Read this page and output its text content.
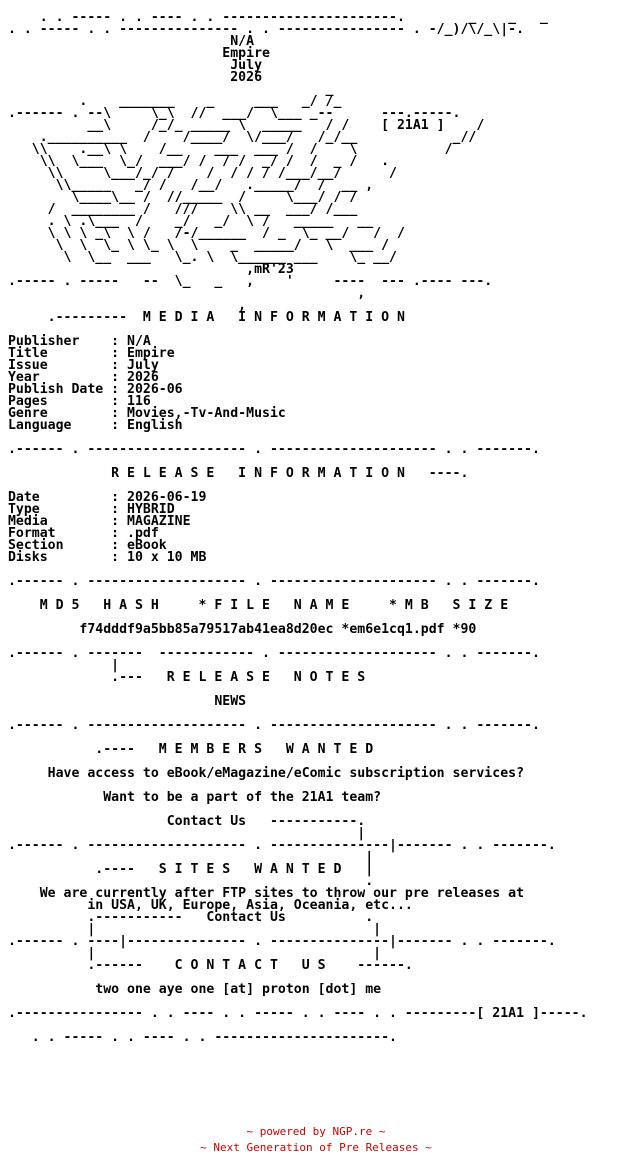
. . ----- . . ---- . . ----------------------.        _    _   _
. . ----- . . --------------- . . ---------------- . -/_)/\/_\|-.
N/A
Empire
July
2026
_
.    _______    _     ___   _/ /_
.------ . --\     \_\  //  ___/  \___ _--      ---.-----.
__\     /_/_ _____ \  _____   / /    [ 21A1 ]    /
.__________  /    /____/  \/___/   /_/__            _//
\\    .__\ \    /__    ___  ___ /  /    \           /
\\  \___  \_/  ___/ /  / /  _/ /  /  _ /   .
\\     \___/_/ /    /  / / / /___/__/      /
\\_____   _/ /   /__/   ._____/  /  __ ,
\____\__ /  //_____  /     \___/ / /
/  ________ /   ///    \\ __  ___/ /___
. \ .\___  /    _/   _/  \ /   _____   __
\ \ \ _\  \ /   /-/______  / _  \_ __/   /  /
\  \  \_ \ \_ \  \    _  _____/   \  ___ /
\  \__  ___   \_. \  \______ ___    \_ __/
,mR'23
.----- . -----   --  \_   _   ,    '     ----  --- .---- ---.
,
,
.---------  M E D I A   I N F O R M A T I O N
Publisher    : N/A
Title        : Empire
Issue        : July
Year         : 2026
Publish Date : 2026-06
Pages        : 116
Genre        : Movies,-Tv-And-Music
Language     : English
.------ . -------------------- . --------------------- . . -------.
R E L E A S E   I N F O R M A T I O N   ----.
Date         : 2026-06-19
Type         : HYBRID
Media        : MAGAZINE
Format       : .pdf
Section      : eBook
Disks        : 10 x 10 MB
.------ . -------------------- . --------------------- . . -------.
M D 5   H A S H     * F I L E   N A M E     * M B   S I Z E
f74dddf9a5bb85a79517ab41ea8d20ec *em6e1cq1.pdf *90
.------ . -------  ------------ . -------------------- . . -------.
|
.---   R E L E A S E   N O T E S
NEWS
.------ . -------------------- . --------------------- . . -------.
.----   M E M B E R S   W A N T E D
Have access to eBook/eMagazine/eComic subscription services?
Want to be a part of the 21A1 team?
Contact Us   -----------.
|
.------ . -------------------- . ---------------|------- . . -------.
|
.----   S I T E S   W A N T E D   |
.
We are currently after FTP sites to throw our pre releases at
in USA, UK, Europe, Asia, Oceania, etc...
.-----------   Contact Us          .
|                                   |
.------ . ----|--------------- . ---------------|------- . . -------.
|                                   |
.------    C O N T A C T   U S    ------.
two one aye one [at] proton [dot] me
.---------------- . . ---- . . ----- . . ---- . . ---------[ 21A1 ]-----.
. . ----- . . ---- . . ----------------------.
~ powered by NGP.re ~
~ Next Generation of Pre Releases ~
